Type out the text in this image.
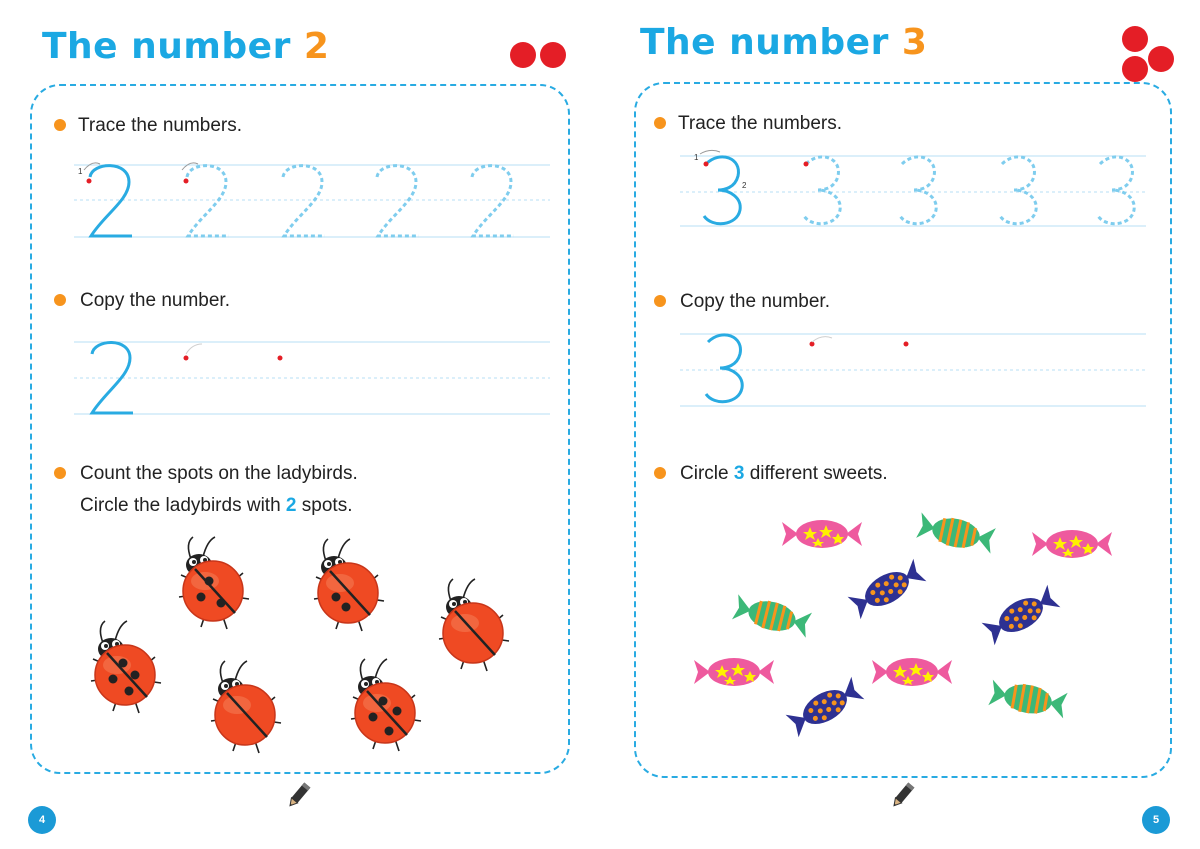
The number 2

Trace the numbers.

1

Copy the number.

Count the spots on the ladybirds.

Circle the ladybirds with 2 spots.

4
The number 3

Trace the numbers.

1
2

Copy the number.

Circle 3 different sweets.

5
